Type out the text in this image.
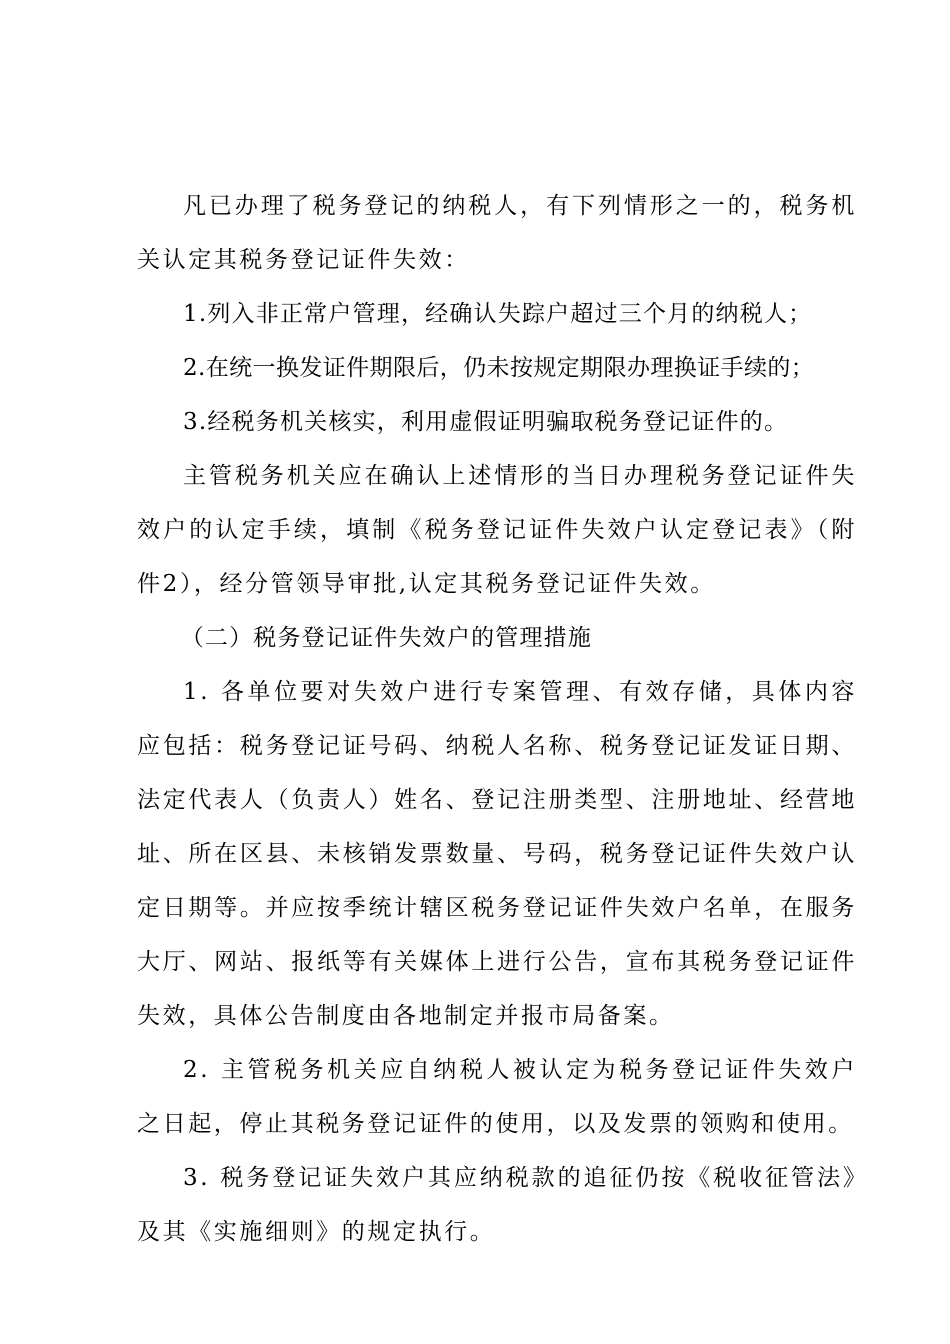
凡已办理了税务登记的纳税人，有下列情形之一的，税务机关认定其税务登记证件失效：

1.列入非正常户管理，经确认失踪户超过三个月的纳税人；

2.在统一换发证件期限后，仍未按规定期限办理换证手续的；

3.经税务机关核实，利用虚假证明骗取税务登记证件的。

主管税务机关应在确认上述情形的当日办理税务登记证件失效户的认定手续，填制《税务登记证件失效户认定登记表》（附件2），经分管领导审批,认定其税务登记证件失效。

（二）税务登记证件失效户的管理措施

1. 各单位要对失效户进行专案管理、有效存储，具体内容应包括：税务登记证号码、纳税人名称、税务登记证发证日期、法定代表人（负责人）姓名、登记注册类型、注册地址、经营地址、所在区县、未核销发票数量、号码，税务登记证件失效户认定日期等。并应按季统计辖区税务登记证件失效户名单，在服务大厅、网站、报纸等有关媒体上进行公告，宣布其税务登记证件失效，具体公告制度由各地制定并报市局备案。

2. 主管税务机关应自纳税人被认定为税务登记证件失效户之日起，停止其税务登记证件的使用，以及发票的领购和使用。

3. 税务登记证失效户其应纳税款的追征仍按《税收征管法》及其《实施细则》的规定执行。
